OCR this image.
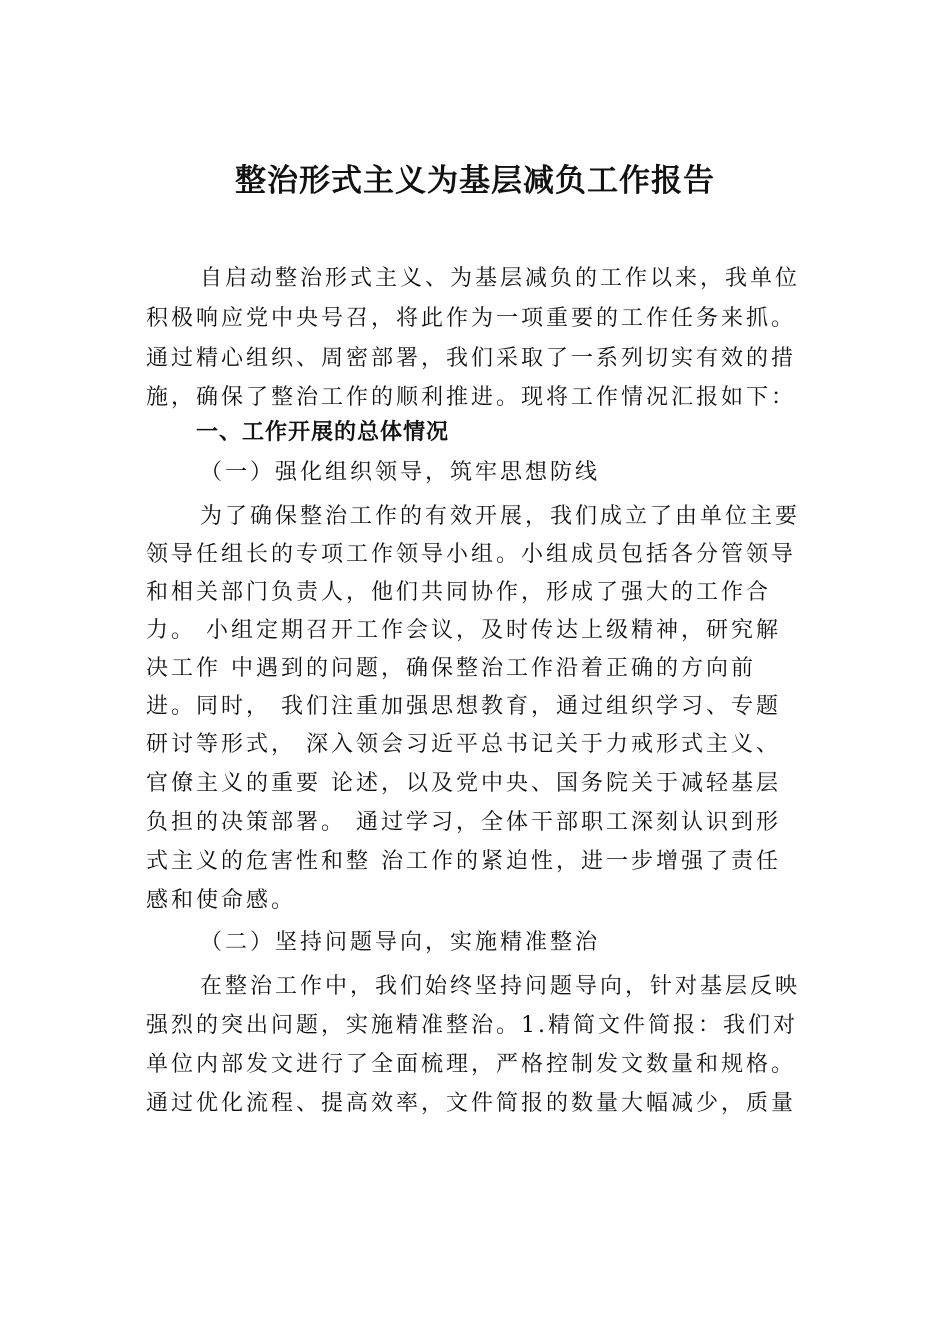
整治形式主义为基层减负工作报告
自启动整治形式主义、为基层减负的工作以来，我单位
积极响应党中央号召，将此作为一项重要的工作任务来抓。
通过精心组织、周密部署，我们采取了一系列切实有效的措
施，确保了整治工作的顺利推进。现将工作情况汇报如下：
一、工作开展的总体情况
（一）强化组织领导，筑牢思想防线
为了确保整治工作的有效开展，我们成立了由单位主要
领导任组长的专项工作领导小组。小组成员包括各分管领导
和相关部门负责人，他们共同协作，形成了强大的工作合
力。 小组定期召开工作会议，及时传达上级精神，研究解
决工作 中遇到的问题，确保整治工作沿着正确的方向前
进。同时， 我们注重加强思想教育，通过组织学习、专题
研讨等形式， 深入领会习近平总书记关于力戒形式主义、
官僚主义的重要 论述，以及党中央、国务院关于减轻基层
负担的决策部署。 通过学习，全体干部职工深刻认识到形
式主义的危害性和整 治工作的紧迫性，进一步增强了责任
感和使命感。
（二）坚持问题导向，实施精准整治
在整治工作中，我们始终坚持问题导向，针对基层反映
强烈的突出问题，实施精准整治。1.精简文件简报：我们对
单位内部发文进行了全面梳理，严格控制发文数量和规格。
通过优化流程、提高效率，文件简报的数量大幅减少，质量
